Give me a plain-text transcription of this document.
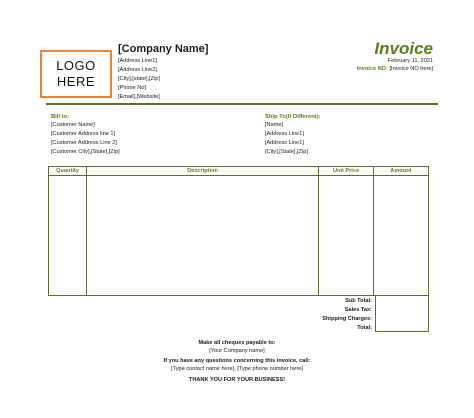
LOGO
HERE
[Company Name]
[Address Line1]
[Address Line2]
[City],[state],[Zip]
[Phone No]
[Email],[Website]
Invoice
February 11, 2021
Invoice NO: [Invoice NO here]
Bill to:
[Customer Name]
[Customer Address line 1]
[Customer Address Line 2]
[Customer City],[State],[Zip]
Ship To(If Different):
[Name]
[Address Line1]
[Address Line1]
[City],[State],[Zip]
Quantity	Description	Unit Price	Amount

Sub Total:
Sales Tax:
Shipping Charges:
Total:
Make all cheques payable to:
[Your Company name]
If you have any questions concerning this invoice, call:
[Type contact name here], [Type phone number here]
THANK YOU FOR YOUR BUSINESS!
